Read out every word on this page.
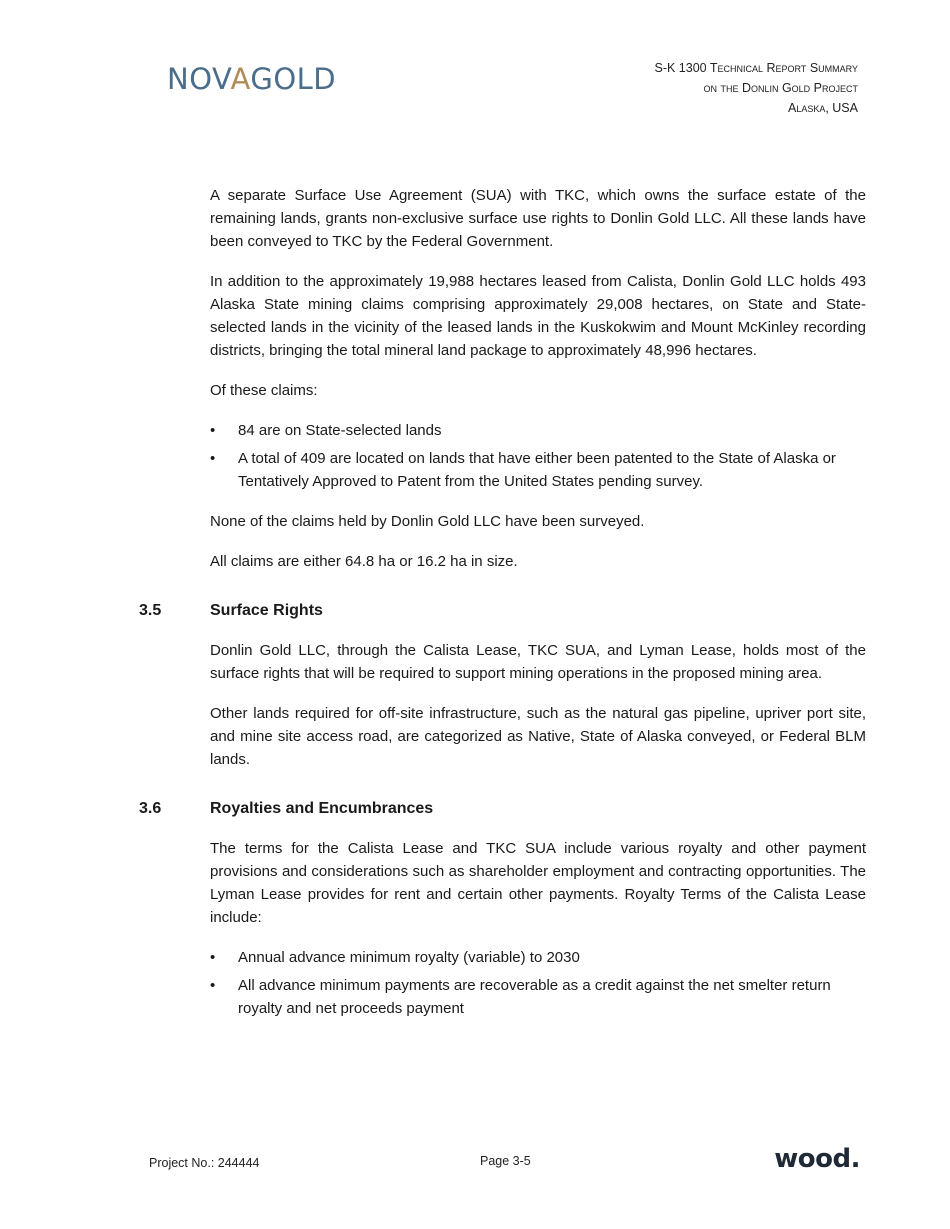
NOVAGOLD	S-K 1300 Technical Report Summary
on the Donlin Gold Project
Alaska, USA

A separate Surface Use Agreement (SUA) with TKC, which owns the surface estate of the remaining lands, grants non-exclusive surface use rights to Donlin Gold LLC. All these lands have been conveyed to TKC by the Federal Government.

In addition to the approximately 19,988 hectares leased from Calista, Donlin Gold LLC holds 493 Alaska State mining claims comprising approximately 29,008 hectares, on State and State-selected lands in the vicinity of the leased lands in the Kuskokwim and Mount McKinley recording districts, bringing the total mineral land package to approximately 48,996 hectares.

Of these claims:

• 84 are on State-selected lands
• A total of 409 are located on lands that have either been patented to the State of Alaska or Tentatively Approved to Patent from the United States pending survey.

None of the claims held by Donlin Gold LLC have been surveyed.

All claims are either 64.8 ha or 16.2 ha in size.

3.5	Surface Rights

Donlin Gold LLC, through the Calista Lease, TKC SUA, and Lyman Lease, holds most of the surface rights that will be required to support mining operations in the proposed mining area.

Other lands required for off-site infrastructure, such as the natural gas pipeline, upriver port site, and mine site access road, are categorized as Native, State of Alaska conveyed, or Federal BLM lands.

3.6	Royalties and Encumbrances

The terms for the Calista Lease and TKC SUA include various royalty and other payment provisions and considerations such as shareholder employment and contracting opportunities. The Lyman Lease provides for rent and certain other payments. Royalty Terms of the Calista Lease include:

• Annual advance minimum royalty (variable) to 2030
• All advance minimum payments are recoverable as a credit against the net smelter return royalty and net proceeds payment
Project No.: 244444	Page 3-5	wood.
